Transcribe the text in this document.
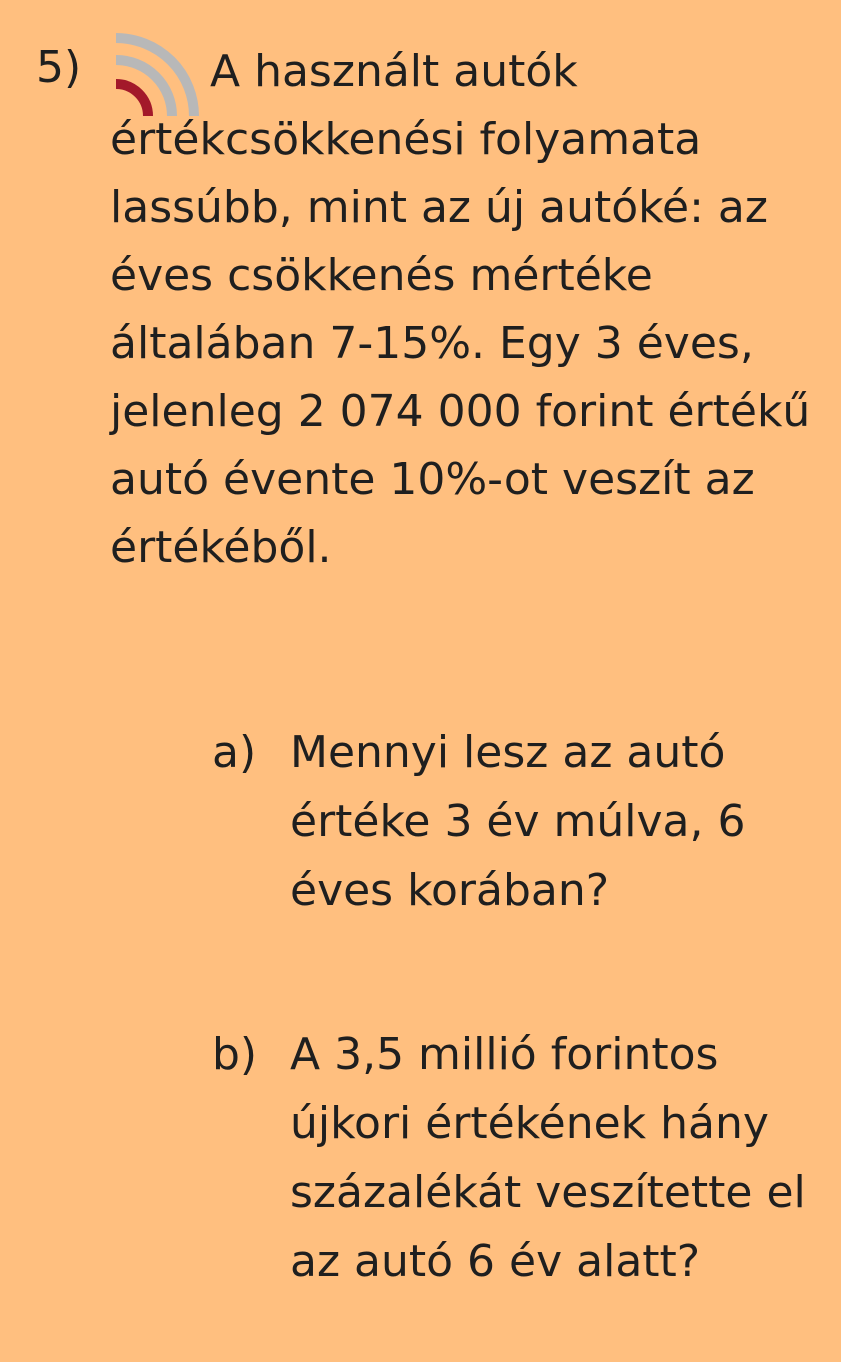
5)	A használt autók értékcsökkenési folyamata lassúbb, mint az új autóké: az éves csökkenés mértéke általában 7-15%. Egy 3 éves, jelenleg 2 074 000 forint értékű autó évente 10%-ot veszít az értékéből.

a) Mennyi lesz az autó értéke 3 év múlva, 6 éves korában?
b) A 3,5 millió forintos újkori értékének hány százalékát veszítette el az autó 6 év alatt?
